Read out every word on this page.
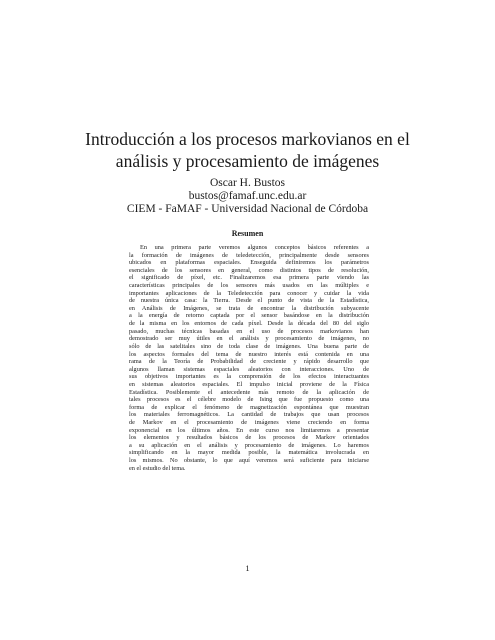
Introducción a los procesos markovianos en el
análisis y procesamiento de imágenes
Oscar H. Bustos
bustos@famaf.unc.edu.ar
CIEM - FaMAF - Universidad Nacional de Córdoba
Resumen
En una primera parte veremos algunos conceptos básicos referentes a
la formación de imágenes de teledetección, principalmente desde sensores
ubicados en plataformas espaciales. Enseguida definiremos los parámetros
esenciales de los sensores en general, como distintos tipos de resolución,
el significado de píxel, etc. Finalizaremos esa primera parte viendo las
características principales de los sensores más usados en las múltiples e
importantes aplicaciones de la Teledetección para conocer y cuidar la vida
de nuestra única casa: la Tierra. Desde el punto de vista de la Estadística,
en Análisis de Imágenes, se trata de encontrar la distribución subyacente
a la energía de retorno captada por el sensor basándose en la distribución
de la misma en los entornos de cada píxel. Desde la década del 80 del siglo
pasado, muchas técnicas basadas en el uso de procesos markovianos han
demostrado ser muy útiles en el análisis y procesamiento de imágenes, no
sólo de las satelitales sino de toda clase de imágenes. Una buena parte de
los aspectos formales del tema de nuestro interés está contenida en una
rama de la Teoría de Probabilidad de creciente y rápido desarrollo que
algunos llaman sistemas espaciales aleatorios con interacciones. Uno de
sus objetivos importantes es la comprensión de los efectos interactuantes
en sistemas aleatorios espaciales. El impulso inicial proviene de la Física
Estadística. Posiblemente el antecedente más remoto de la aplicación de
tales procesos es el célebre modelo de Ising que fue propuesto como una
forma de explicar el fenómeno de magnetización espontánea que muestran
los materiales ferromagnéticos. La cantidad de trabajos que usan procesos
de Markov en el procesamiento de imágenes viene creciendo en forma
exponencial en los últimos años. En este curso nos limitaremos a presentar
los elementos y resultados básicos de los procesos de Markov orientados
a su aplicación en el análisis y procesamiento de imágenes. Lo haremos
simplificando en la mayor medida posible, la matemática involucrada en
los mismos. No obstante, lo que aquí veremos será suficiente para iniciarse
en el estudio del tema.
1
